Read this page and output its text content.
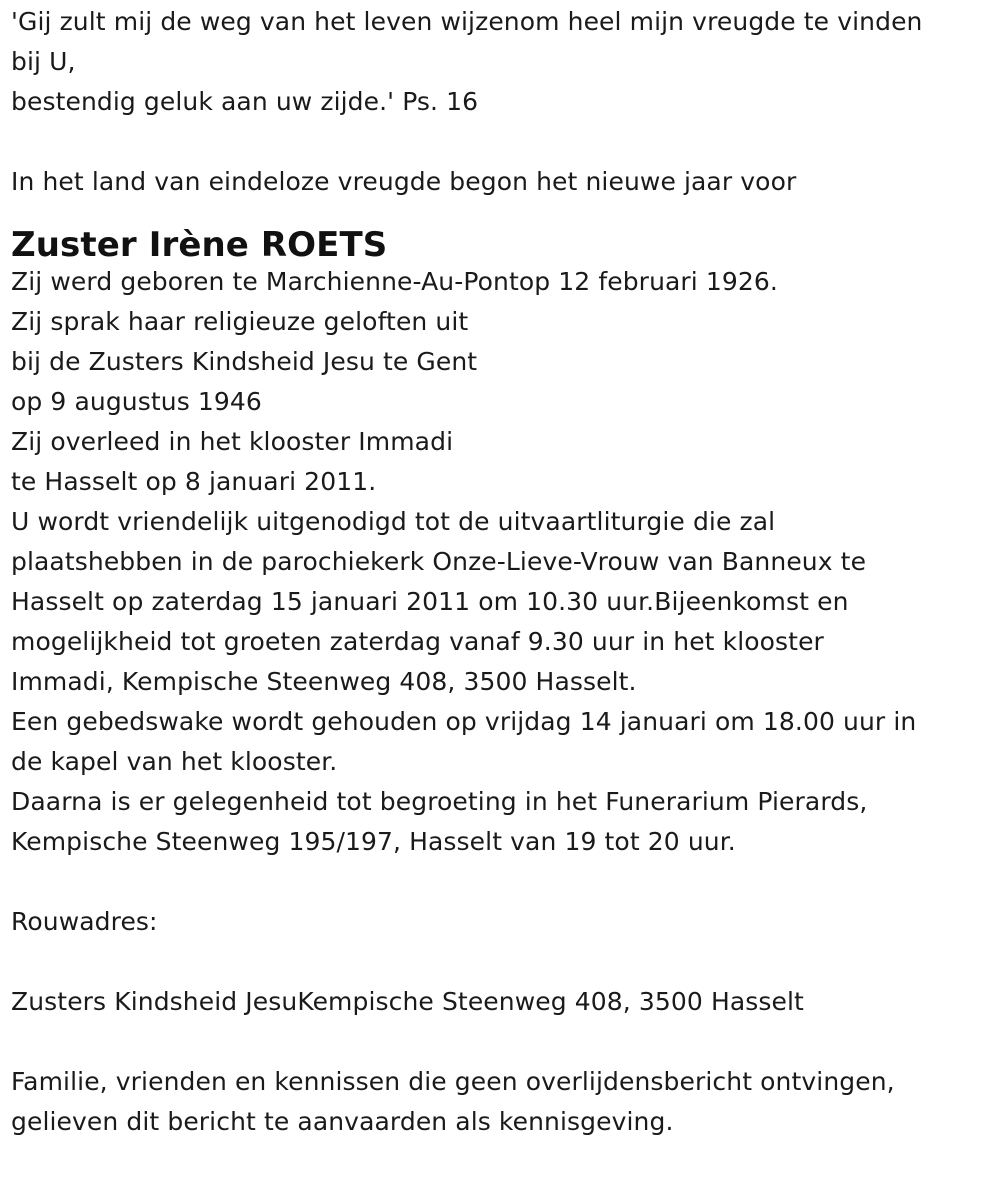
'Gij zult mij de weg van het leven wijzenom heel mijn vreugde te vinden
bij U,
bestendig geluk aan uw zijde.' Ps. 16
In het land van eindeloze vreugde begon het nieuwe jaar voor
Zuster Irène ROETS
Zij werd geboren te Marchienne-Au-Pontop 12 februari 1926.
Zij sprak haar religieuze geloften uit
bij de Zusters Kindsheid Jesu te Gent
op 9 augustus 1946
Zij overleed in het klooster Immadi
te Hasselt op 8 januari 2011.
U wordt vriendelijk uitgenodigd tot de uitvaartliturgie die zal
plaatshebben in de parochiekerk Onze-Lieve-Vrouw van Banneux te
Hasselt op zaterdag 15 januari 2011 om 10.30 uur.Bijeenkomst en
mogelijkheid tot groeten zaterdag vanaf 9.30 uur in het klooster
Immadi, Kempische Steenweg 408, 3500 Hasselt.
Een gebedswake wordt gehouden op vrijdag 14 januari om 18.00 uur in
de kapel van het klooster.
Daarna is er gelegenheid tot begroeting in het Funerarium Pierards,
Kempische Steenweg 195/197, Hasselt van 19 tot 20 uur.
Rouwadres:
Zusters Kindsheid JesuKempische Steenweg 408, 3500 Hasselt
Familie, vrienden en kennissen die geen overlijdensbericht ontvingen,
gelieven dit bericht te aanvaarden als kennisgeving.
